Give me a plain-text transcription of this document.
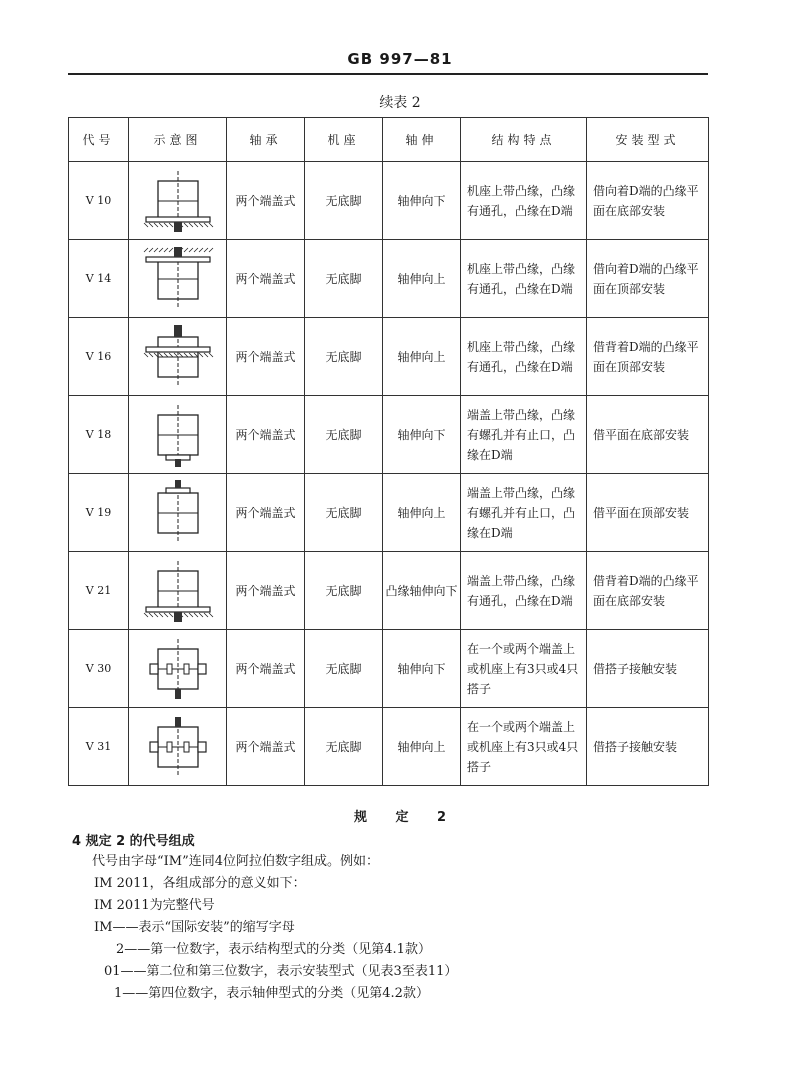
GB 997—81
续表 2
代号	示意图	轴承	机座	轴伸	结构特点	安装型式
V 10		两个端盖式	无底脚	轴伸向下	机座上带凸缘，凸缘有通孔，凸缘在D端	借向着D端的凸缘平面在底部安装
V 14		两个端盖式	无底脚	轴伸向上	机座上带凸缘，凸缘有通孔，凸缘在D端	借向着D端的凸缘平面在顶部安装
V 16		两个端盖式	无底脚	轴伸向上	机座上带凸缘，凸缘有通孔，凸缘在D端	借背着D端的凸缘平面在顶部安装
V 18		两个端盖式	无底脚	轴伸向下	端盖上带凸缘，凸缘有螺孔并有止口，凸缘在D端	借平面在底部安装
V 19		两个端盖式	无底脚	轴伸向上	端盖上带凸缘，凸缘有螺孔并有止口，凸缘在D端	借平面在顶部安装
V 21		两个端盖式	无底脚	凸缘轴伸向下	端盖上带凸缘，凸缘有通孔，凸缘在D端	借背着D端的凸缘平面在底部安装
V 30		两个端盖式	无底脚	轴伸向下	在一个或两个端盖上或机座上有3只或4只搭子	借搭子接触安装
V 31		两个端盖式	无底脚	轴伸向上	在一个或两个端盖上或机座上有3只或4只搭子	借搭子接触安装
规 定 2
4 规定 2 的代号组成
代号由字母“IM”连同4位阿拉伯数字组成。例如：
IM 2011，各组成部分的意义如下：
IM 2011为完整代号
IM——表示“国际安装”的缩写字母
2——第一位数字，表示结构型式的分类（见第4.1款）
01——第二位和第三位数字，表示安装型式（见表3至表11）
1——第四位数字，表示轴伸型式的分类（见第4.2款）
